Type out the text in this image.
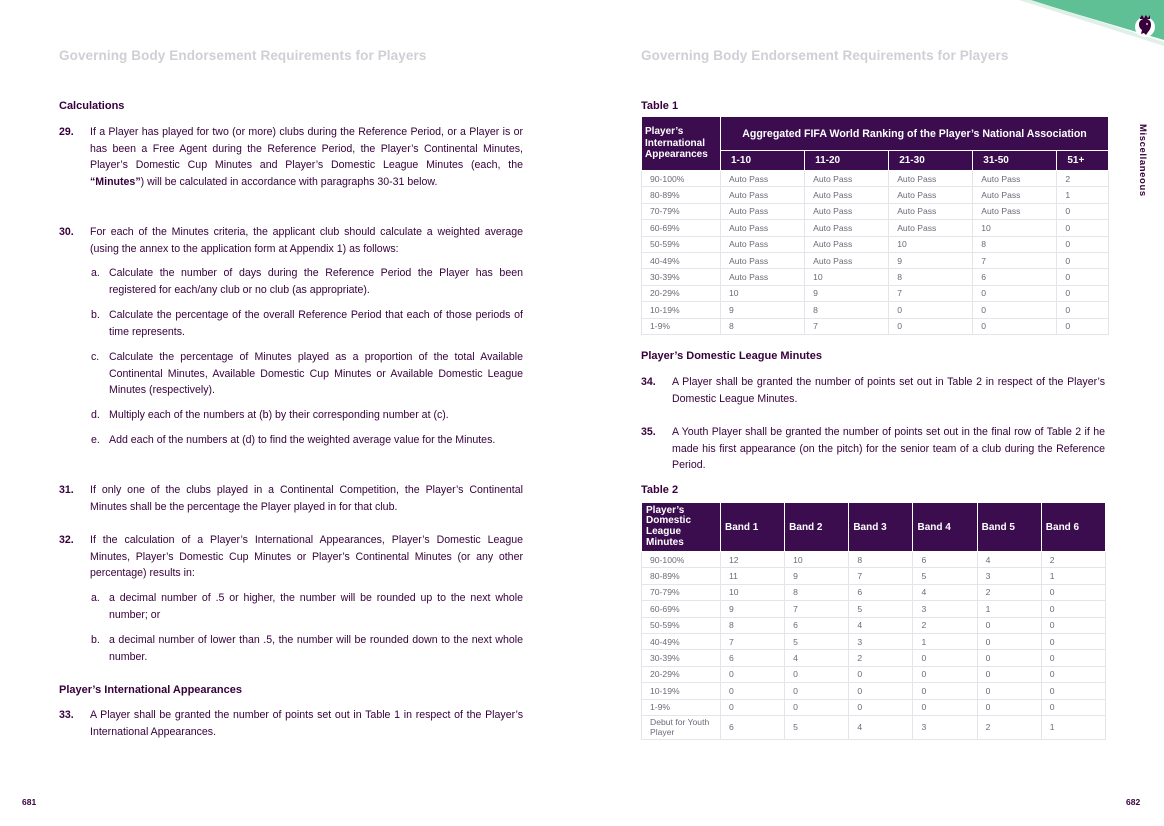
Governing Body Endorsement Requirements for Players
Calculations
29. If a Player has played for two (or more) clubs during the Reference Period, or a Player is or has been a Free Agent during the Reference Period, the Player’s Continental Minutes, Player’s Domestic Cup Minutes and Player’s Domestic League Minutes (each, the “Minutes”) will be calculated in accordance with paragraphs 30-31 below.
30. For each of the Minutes criteria, the applicant club should calculate a weighted average (using the annex to the application form at Appendix 1) as follows:
a. Calculate the number of days during the Reference Period the Player has been registered for each/any club or no club (as appropriate).
b. Calculate the percentage of the overall Reference Period that each of those periods of time represents.
c. Calculate the percentage of Minutes played as a proportion of the total Available Continental Minutes, Available Domestic Cup Minutes or Available Domestic League Minutes (respectively).
d. Multiply each of the numbers at (b) by their corresponding number at (c).
e. Add each of the numbers at (d) to find the weighted average value for the Minutes.
31. If only one of the clubs played in a Continental Competition, the Player’s Continental Minutes shall be the percentage the Player played in for that club.
32. If the calculation of a Player’s International Appearances, Player’s Domestic League Minutes, Player’s Domestic Cup Minutes or Player’s Continental Minutes (or any other percentage) results in:
a. a decimal number of .5 or higher, the number will be rounded up to the next whole number; or
b. a decimal number of lower than .5, the number will be rounded down to the next whole number.
Player’s International Appearances
33. A Player shall be granted the number of points set out in Table 1 in respect of the Player’s International Appearances.
681
Governing Body Endorsement Requirements for Players
Miscellaneous
Table 1
Player’s Domestic League Minutes
34. A Player shall be granted the number of points set out in Table 2 in respect of the Player’s Domestic League Minutes.
35. A Youth Player shall be granted the number of points set out in the final row of Table 2 if he made his first appearance (on the pitch) for the senior team of a club during the Reference Period.
Table 2
682
Player’s International Appearances	Aggregated FIFA World Ranking of the Player’s National Association				
	1-10	11-20	21-30	31-50	51+
90-100%	Auto Pass	Auto Pass	Auto Pass	Auto Pass	2
80-89%	Auto Pass	Auto Pass	Auto Pass	Auto Pass	1
70-79%	Auto Pass	Auto Pass	Auto Pass	Auto Pass	0
60-69%	Auto Pass	Auto Pass	Auto Pass	10	0
50-59%	Auto Pass	Auto Pass	10	8	0
40-49%	Auto Pass	Auto Pass	9	7	0
30-39%	Auto Pass	10	8	6	0
20-29%	10	9	7	0	0
10-19%	9	8	0	0	0
1-9%	8	7	0	0	0
Player’s Domestic League Minutes	Band 1	Band 2	Band 3	Band 4	Band 5	Band 6
90-100%	12	10	8	6	4	2
80-89%	11	9	7	5	3	1
70-79%	10	8	6	4	2	0
60-69%	9	7	5	3	1	0
50-59%	8	6	4	2	0	0
40-49%	7	5	3	1	0	0
30-39%	6	4	2	0	0	0
20-29%	0	0	0	0	0	0
10-19%	0	0	0	0	0	0
1-9%	0	0	0	0	0	0
Debut for Youth Player	6	5	4	3	2	1
